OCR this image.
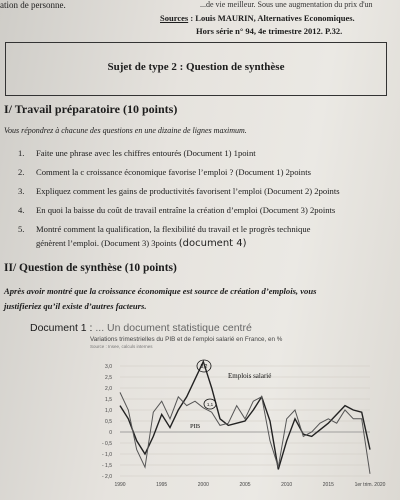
ation de personne.	...de vie meilleur. Sous une augmentation du prix d'un
Sources : Louis MAURIN, Alternatives Economiques.
Hors série n° 94, 4e trimestre 2012. P.32.
Sujet de type 2 : Question de synthèse
I/ Travail préparatoire (10 points)
Vous répondrez à chacune des questions en une dizaine de lignes maximum.
1. Faite une phrase avec les chiffres entourés (Document 1) 1point
2. Comment la c croissance économique favorise l’emploi ? (Document 1) 2points
3. Expliquez comment les gains de productivités favorisent l’emploi (Document 2) 2points
4. En quoi la baisse du coût de travail entraîne la création d’emploi (Document 3) 2points
5. Montré comment la qualification, la flexibilité du travail et le progrès technique
génèrent l’emploi. (Document 3) 3points (document 4)
II/ Question de synthèse (10 points)
Après avoir montré que la croissance économique est source de création d’emplois, vous
justifieriez qu’il existe d’autres facteurs.
Document 1 : ... Un document statistique centré
Variations trimestrielles du PIB et de l’emploi salarié en France, en %
Source : Insee, calculs internes
3,0
2,5
2,0
1,5
1,0
0,5
0
- 0,5
- 1,0
- 1,5
- 2,0
1990	1995	2000	2005	2010	2015	1er trim. 2020
Emplois salarié
PIB
3,2
1,1
